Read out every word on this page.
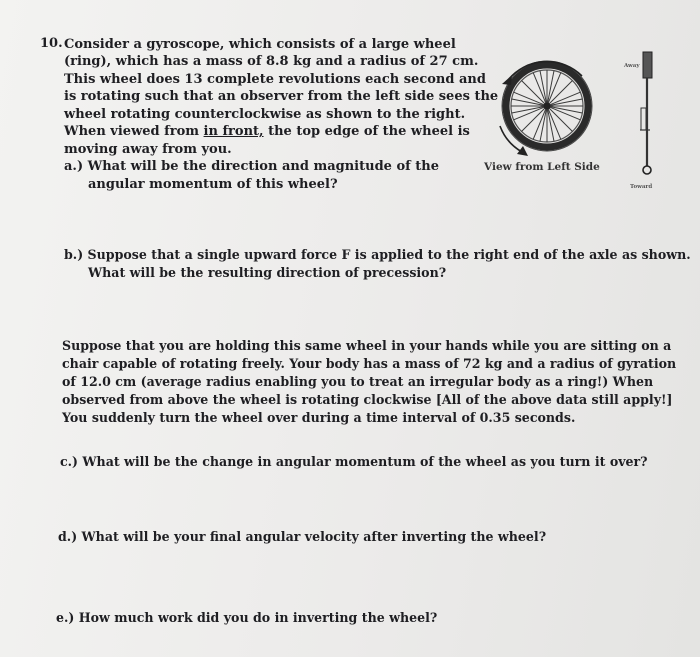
10. Consider a gyroscope, which consists of a large wheel
(ring), which has a mass of 8.8 kg and a radius of 27 cm.
This wheel does 13 complete revolutions each second and
is rotating such that an observer from the left side sees the
wheel rotating counterclockwise as shown to the right.
When viewed from in front, the top edge of the wheel is
moving away from you.
a.) What will be the direction and magnitude of the
angular momentum of this wheel?
b.) Suppose that a single upward force F is applied to the right end of the axle as shown.
What will be the resulting direction of precession?
Suppose that you are holding this same wheel in your hands while you are sitting on a
chair capable of rotating freely. Your body has a mass of 72 kg and a radius of gyration
of 12.0 cm (average radius enabling you to treat an irregular body as a ring!) When
observed from above the wheel is rotating clockwise [All of the above data still apply!]
You suddenly turn the wheel over during a time interval of 0.35 seconds.
c.) What will be the change in angular momentum of the wheel as you turn it over?
d.) What will be your final angular velocity after inverting the wheel?
e.) How much work did you do in inverting the wheel?
View from Left Side
Away
Toward
